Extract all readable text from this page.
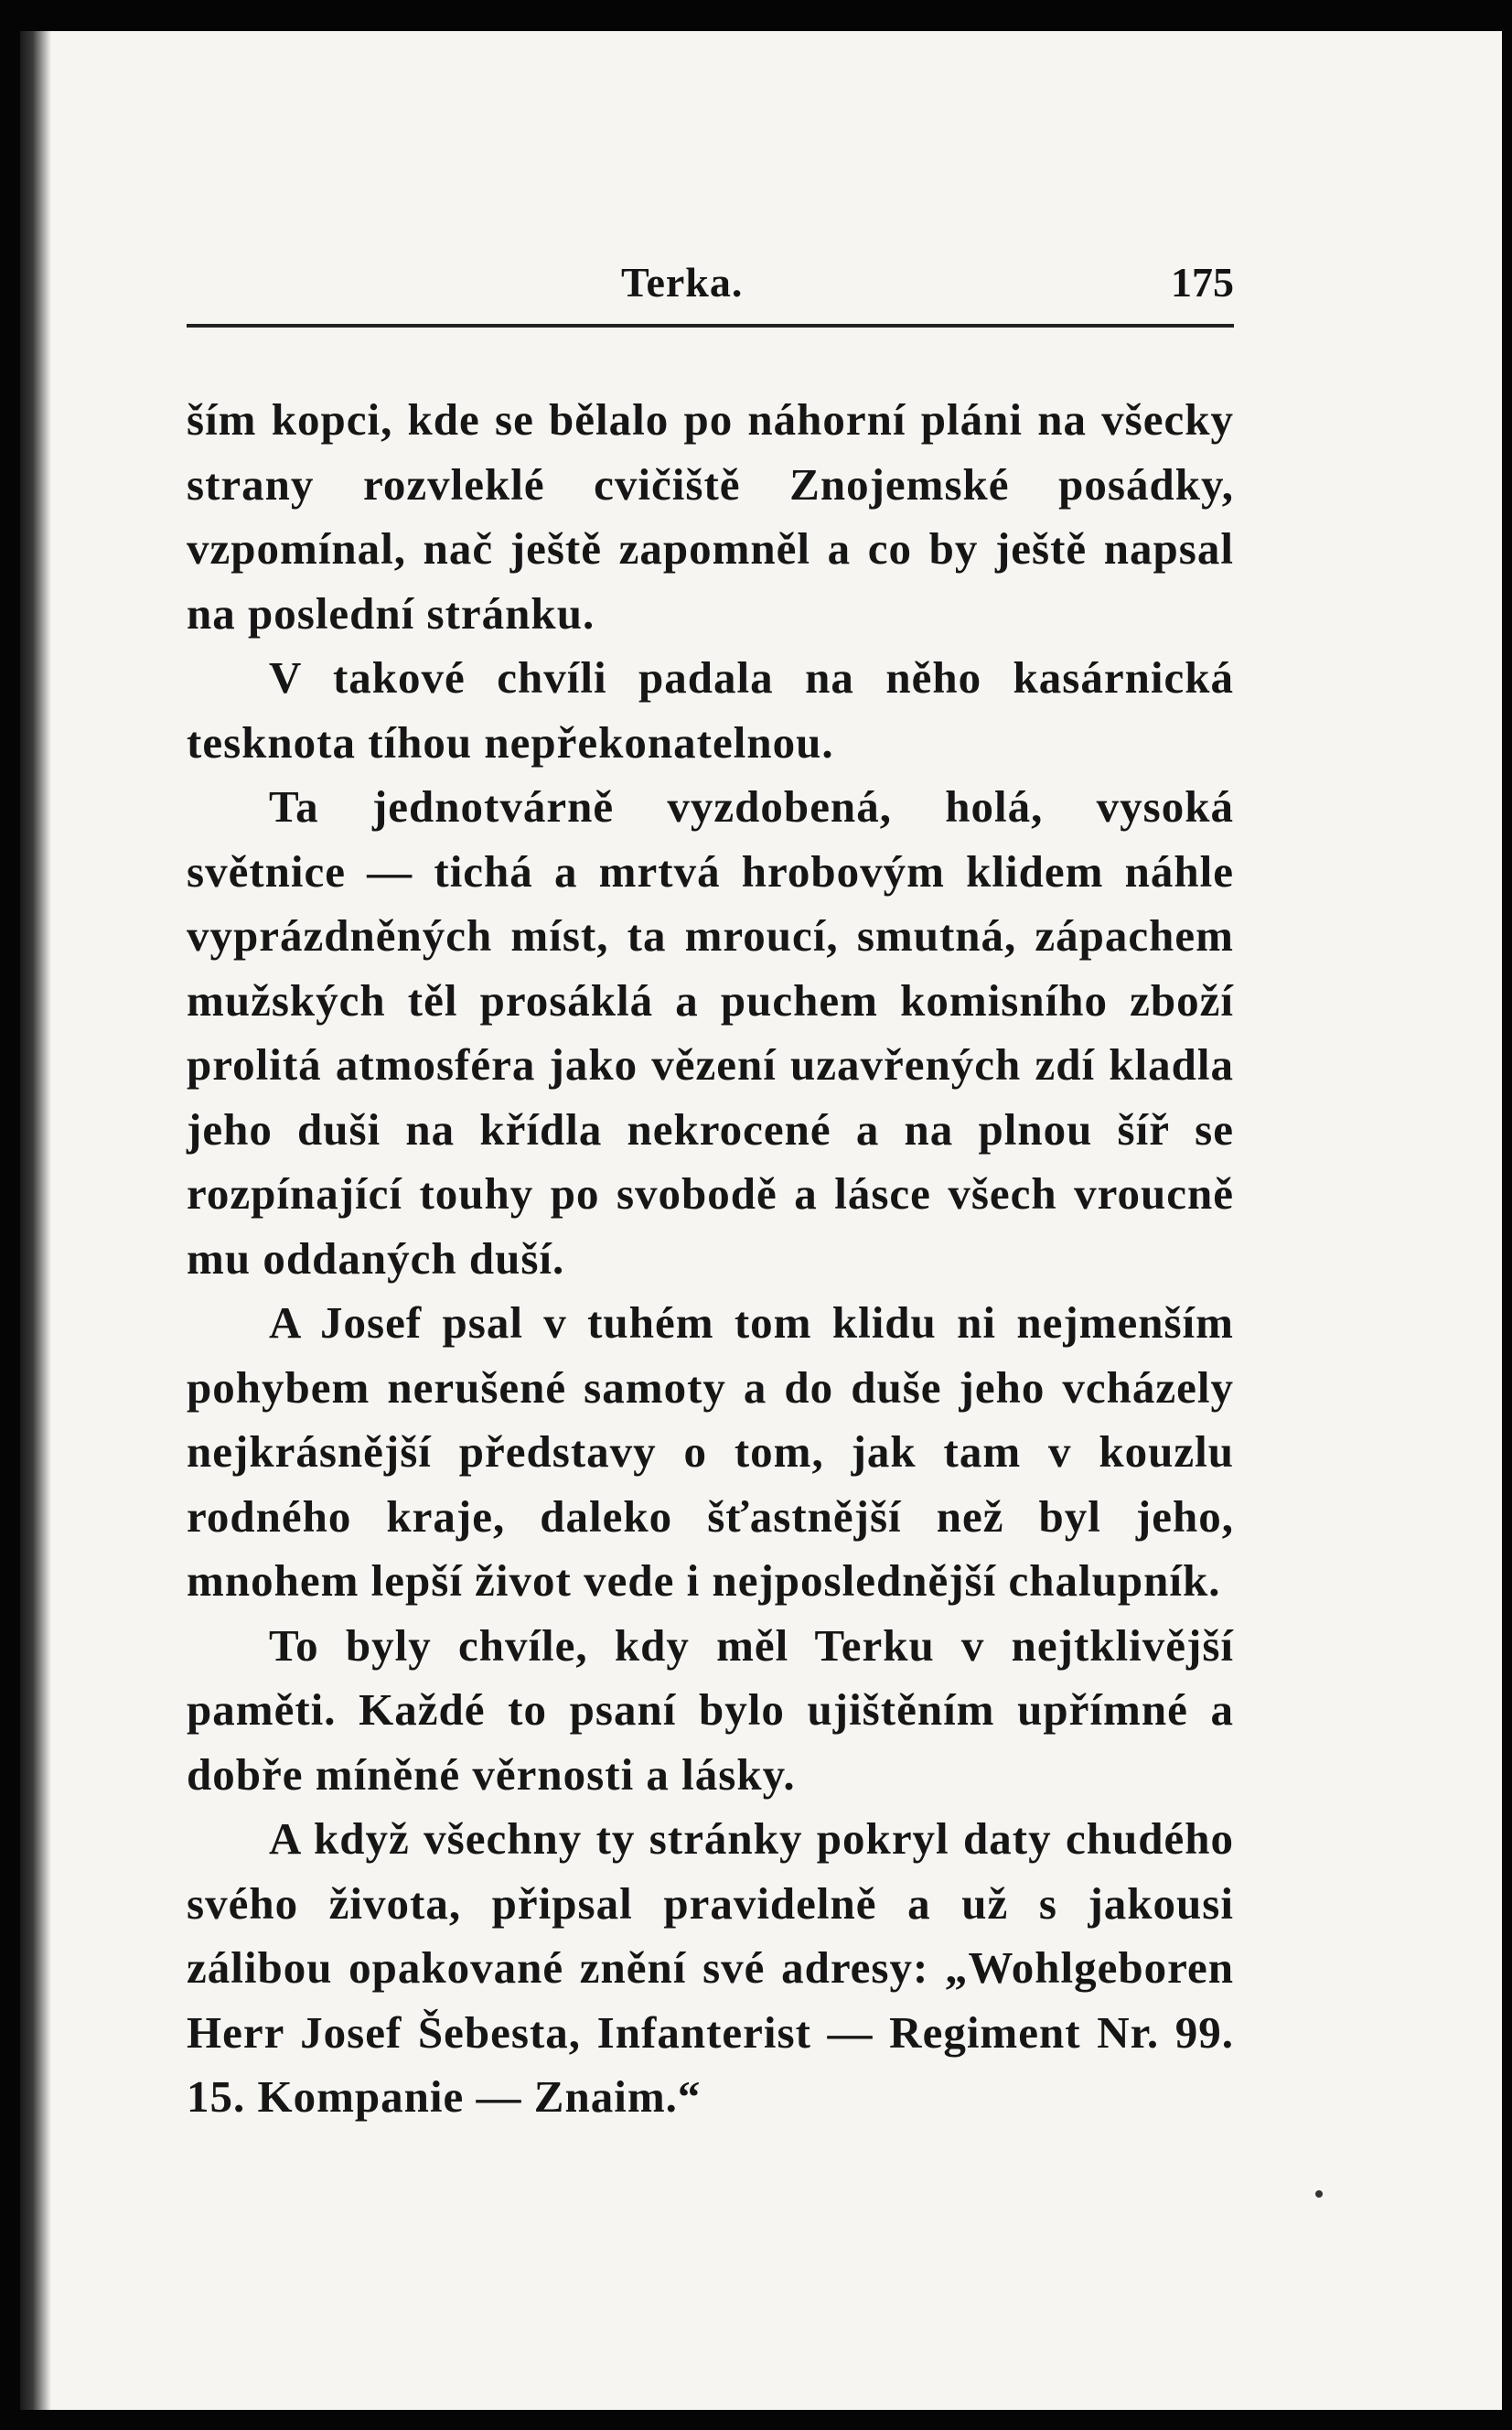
Terka.	175

ším kopci, kde se bělalo po náhorní pláni na všecky strany rozvleklé cvičiště Znojemské posádky, vzpomínal, nač ještě zapomněl a co by ještě napsal na poslední stránku.

V takové chvíli padala na něho kasárnická tesknota tíhou nepřekonatelnou.

Ta jednotvárně vyzdobená, holá, vysoká světnice — tichá a mrtvá hrobovým klidem náhle vyprázdněných míst, ta mroucí, smutná, zápachem mužských těl prosáklá a puchem komisního zboží prolitá atmosféra jako vězení uzavřených zdí kladla jeho duši na křídla nekrocené a na plnou šíř se rozpínající touhy po svobodě a lásce všech vroucně mu oddaných duší.

A Josef psal v tuhém tom klidu ni nejmenším pohybem nerušené samoty a do duše jeho vcházely nejkrásnější představy o tom, jak tam v kouzlu rodného kraje, daleko šťastnější než byl jeho, mnohem lepší život vede i nejposlednější chalupník.

To byly chvíle, kdy měl Terku v nejtklivější paměti. Každé to psaní bylo ujištěním upřímné a dobře míněné věrnosti a lásky.

A když všechny ty stránky pokryl daty chudého svého života, připsal pravidelně a už s jakousi zálibou opakované znění své adresy: „Wohlgeboren Herr Josef Šebesta, Infanterist — Regiment Nr. 99. 15. Kompanie — Znaim.“
